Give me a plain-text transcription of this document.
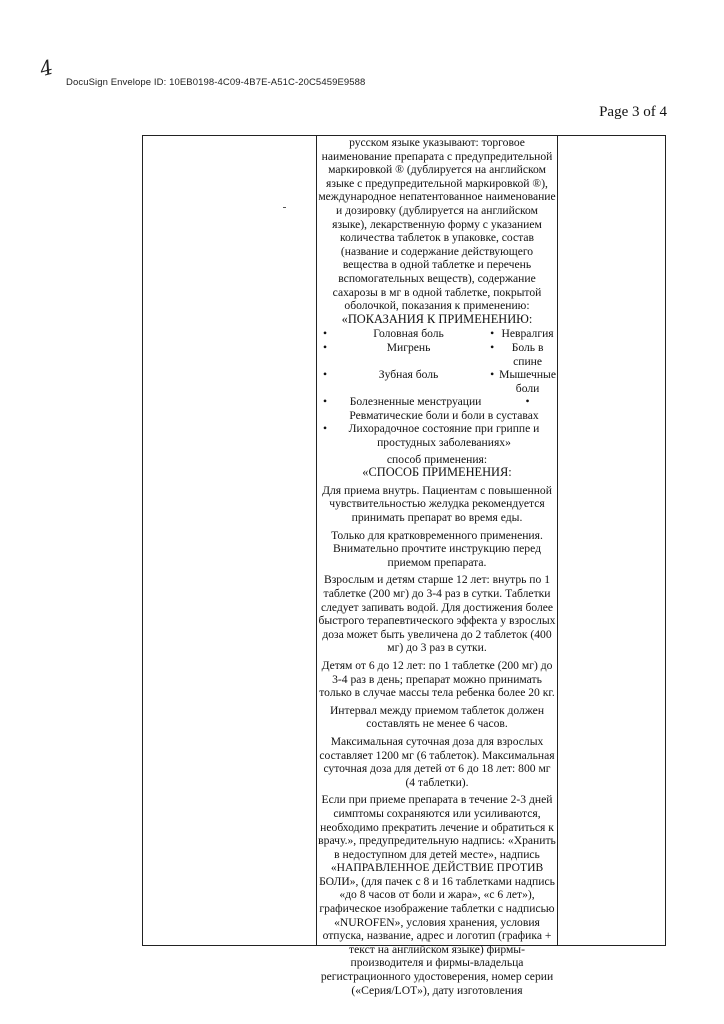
4
DocuSign Envelope ID: 10EB0198-4C09-4B7E-A51C-20C5459E9588
Page 3 of 4

русском языке указывают: торговое наименование препарата с предупредительной маркировкой ® (дублируется на английском языке с предупредительной маркировкой ®), международное непатентованное наименование и дозировку (дублируется на английском языке), лекарственную форму с указанием количества таблеток в упаковке, состав (название и содержание действующего вещества в одной таблетке и перечень вспомогательных веществ), содержание сахарозы в мг в одной таблетке, покрытой оболочкой, показания к применению:

«ПОКАЗАНИЯ К ПРИМЕНЕНИЮ:

•	Головная боль	•	Невралгия
•	Мигрень	•	Боль в спине
•	Зубная боль	•	Мышечные боли
•	Болезненные менструации		•
	Ревматические боли и боли в суставах		
•	Лихорадочное состояние при гриппе и простудных заболеваниях»		

способ применения:

«СПОСОБ ПРИМЕНЕНИЯ:

Для приема внутрь. Пациентам с повышенной чувствительностью желудка рекомендуется принимать препарат во время еды.

Только для кратковременного применения. Внимательно прочтите инструкцию перед приемом препарата.

Взрослым и детям старше 12 лет: внутрь по 1 таблетке (200 мг) до 3-4 раз в сутки. Таблетки следует запивать водой. Для достижения более быстрого терапевтического эффекта у взрослых доза может быть увеличена до 2 таблеток (400 мг) до 3 раз в сутки.

Детям от 6 до 12 лет: по 1 таблетке (200 мг) до 3-4 раз в день; препарат можно принимать только в случае массы тела ребенка более 20 кг.

Интервал между приемом таблеток должен составлять не менее 6 часов.

Максимальная суточная доза для взрослых составляет 1200 мг (6 таблеток). Максимальная суточная доза для детей от 6 до 18 лет: 800 мг (4 таблетки).

Если при приеме препарата в течение 2-3 дней симптомы сохраняются или усиливаются, необходимо прекратить лечение и обратиться к врачу.», предупредительную надпись: «Хранить в недоступном для детей месте», надпись «НАПРАВЛЕННОЕ ДЕЙСТВИЕ ПРОТИВ БОЛИ», (для пачек с 8 и 16 таблетками надпись «до 8 часов от боли и жара», «с 6 лет»), графическое изображение таблетки с надписью «NUROFEN», условия хранения, условия отпуска, название, адрес и логотип (графика + текст на английском языке) фирмы-производителя и фирмы-владельца регистрационного удостоверения, номер серии («Серия/LOT»), дату изготовления
